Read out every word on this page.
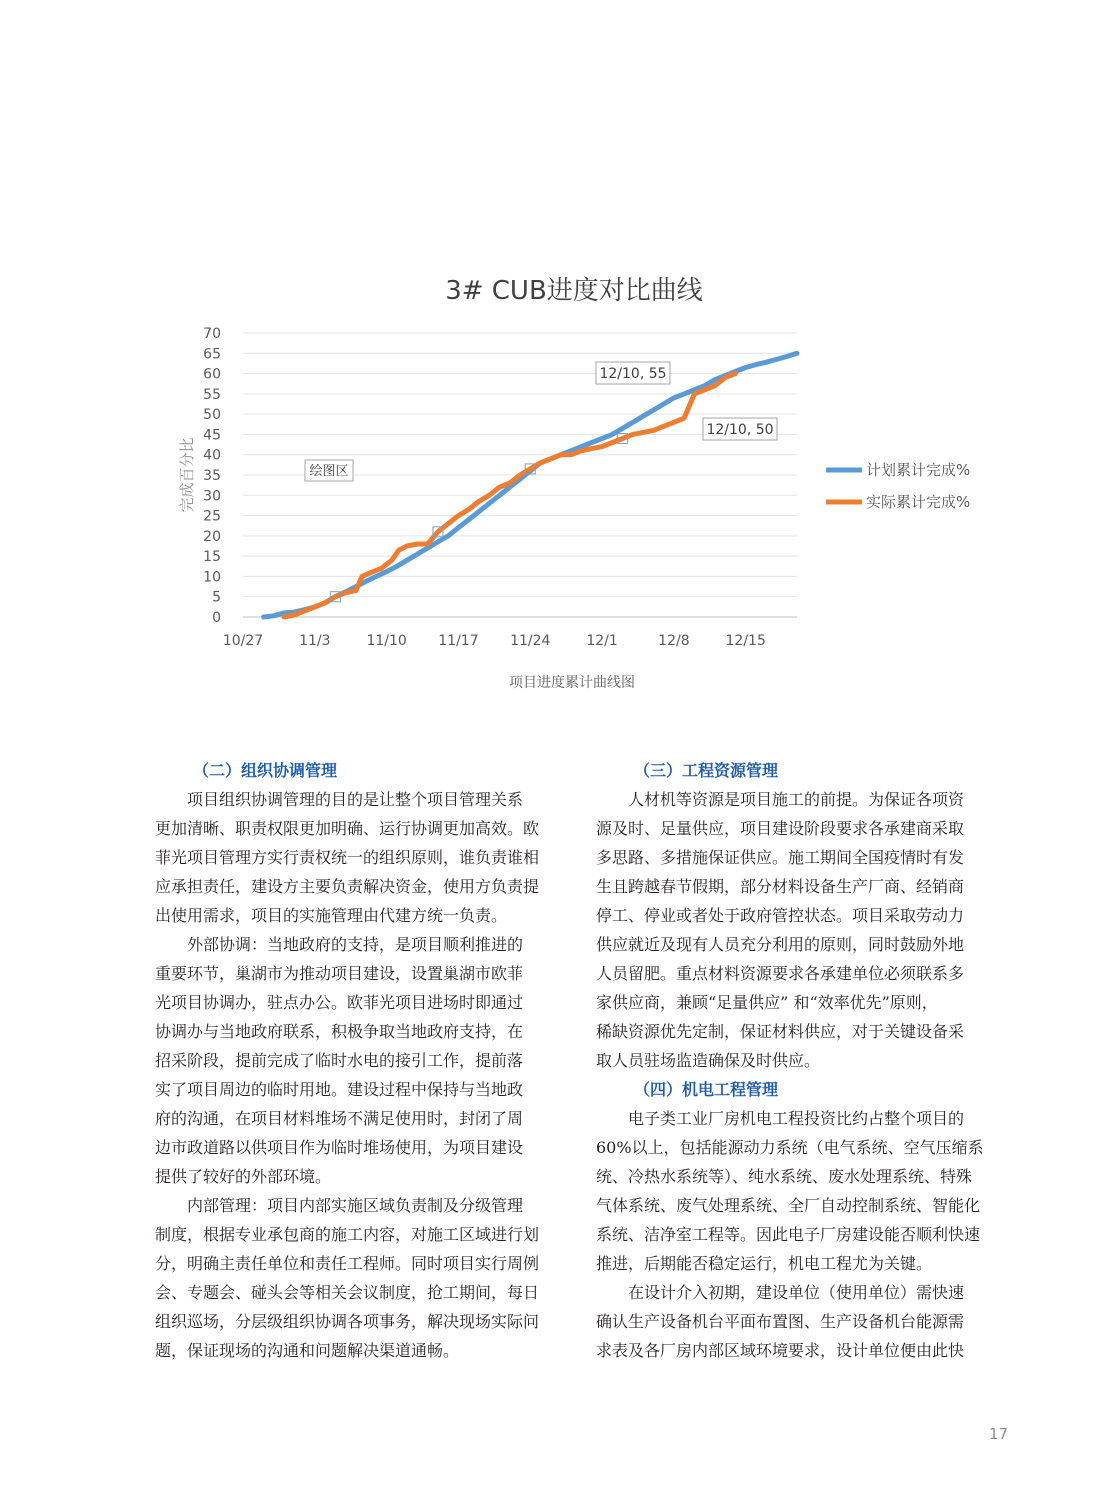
3# CUB进度对比曲线
0
5
10
15
20
25
30
35
40
45
50
55
60
65
70
10/27	11/3	11/10 11/17 11/24	12/1	12/8	12/15
完成百分比	绘图区
12/10, 55
12/10, 50
计划累计完成%
实际累计完成%
项目进度累计曲线图
（二）组织协调管理
项目组织协调管理的目的是让整个项目管理关系
更加清晰、职责权限更加明确、运行协调更加高效。欧
菲光项目管理方实行责权统一的组织原则，谁负责谁相
应承担责任，建设方主要负责解决资金，使用方负责提
出使用需求，项目的实施管理由代建方统一负责。
外部协调：当地政府的支持，是项目顺利推进的
重要环节，巢湖市为推动项目建设，设置巢湖市欧菲
光项目协调办，驻点办公。欧菲光项目进场时即通过
协调办与当地政府联系，积极争取当地政府支持，在
招采阶段，提前完成了临时水电的接引工作，提前落
实了项目周边的临时用地。建设过程中保持与当地政
府的沟通，在项目材料堆场不满足使用时，封闭了周
边市政道路以供项目作为临时堆场使用，为项目建设
提供了较好的外部环境。
内部管理：项目内部实施区域负责制及分级管理
制度，根据专业承包商的施工内容，对施工区域进行划
分，明确主责任单位和责任工程师。同时项目实行周例
会、专题会、碰头会等相关会议制度，抢工期间，每日
组织巡场，分层级组织协调各项事务，解决现场实际问
题，保证现场的沟通和问题解决渠道通畅。
（三）工程资源管理
人材机等资源是项目施工的前提。为保证各项资
源及时、足量供应，项目建设阶段要求各承建商采取
多思路、多措施保证供应。施工期间全国疫情时有发
生且跨越春节假期，部分材料设备生产厂商、经销商
停工、停业或者处于政府管控状态。项目采取劳动力
供应就近及现有人员充分利用的原则，同时鼓励外地
人员留肥。重点材料资源要求各承建单位必须联系多
家供应商，兼顾“足量供应” 和“效率优先”原则，
稀缺资源优先定制，保证材料供应，对于关键设备采
取人员驻场监造确保及时供应。
（四）机电工程管理
电子类工业厂房机电工程投资比约占整个项目的
60%以上，包括能源动力系统（电气系统、空气压缩系
统、冷热水系统等）、纯水系统、废水处理系统、特殊
气体系统、废气处理系统、全厂自动控制系统、智能化
系统、洁净室工程等。因此电子厂房建设能否顺利快速
推进，后期能否稳定运行，机电工程尤为关键。
在设计介入初期，建设单位（使用单位）需快速
确认生产设备机台平面布置图、生产设备机台能源需
求表及各厂房内部区域环境要求，设计单位便由此快
17
